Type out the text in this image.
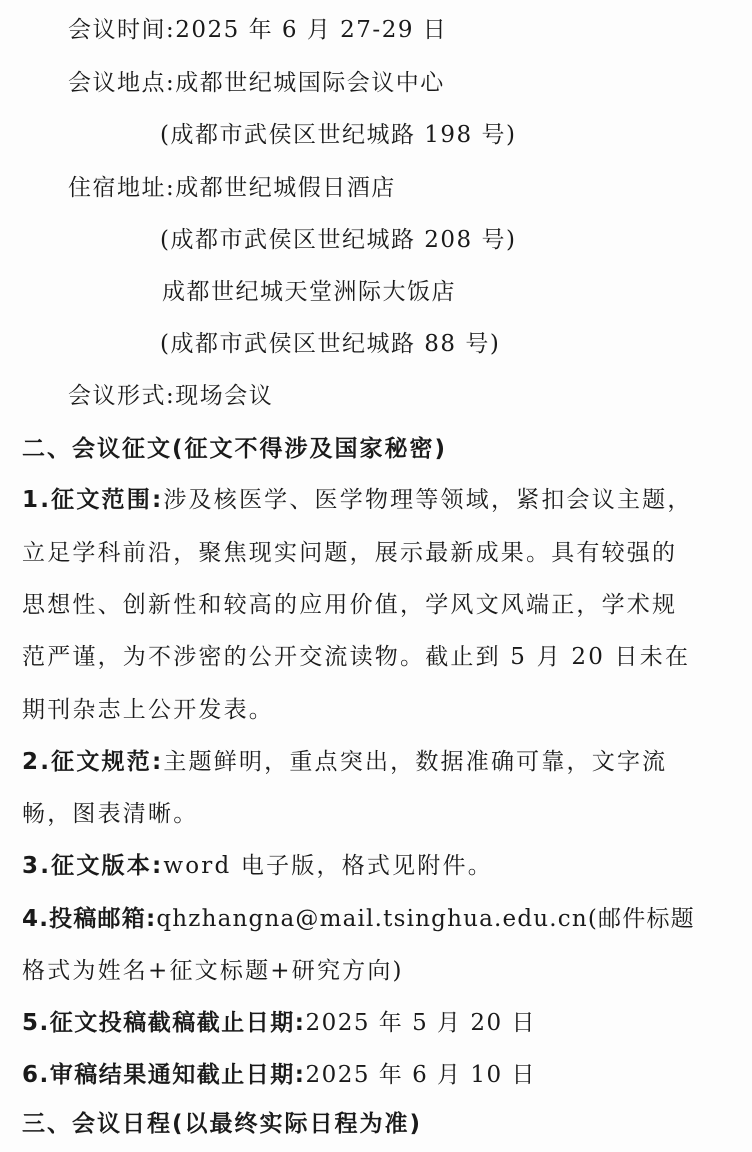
会议时间:2025 年 6 月 27-29 日
会议地点:成都世纪城国际会议中心
(成都市武侯区世纪城路 198 号)
住宿地址:成都世纪城假日酒店
(成都市武侯区世纪城路 208 号)
成都世纪城天堂洲际大饭店
(成都市武侯区世纪城路 88 号)
会议形式:现场会议
二、会议征文(征文不得涉及国家秘密)
1.征文范围:涉及核医学、医学物理等领域，紧扣会议主题，
立足学科前沿，聚焦现实问题，展示最新成果。具有较强的
思想性、创新性和较高的应用价值，学风文风端正，学术规
范严谨，为不涉密的公开交流读物。截止到 5 月 20 日未在
期刊杂志上公开发表。
2.征文规范:主题鲜明，重点突出，数据准确可靠，文字流
畅，图表清晰。
3.征文版本:word 电子版，格式见附件。
4.投稿邮箱:qhzhangna@mail.tsinghua.edu.cn(邮件标题
格式为姓名+征文标题+研究方向)
5.征文投稿截稿截止日期:2025 年 5 月 20 日
6.审稿结果通知截止日期:2025 年 6 月 10 日
三、会议日程(以最终实际日程为准)
